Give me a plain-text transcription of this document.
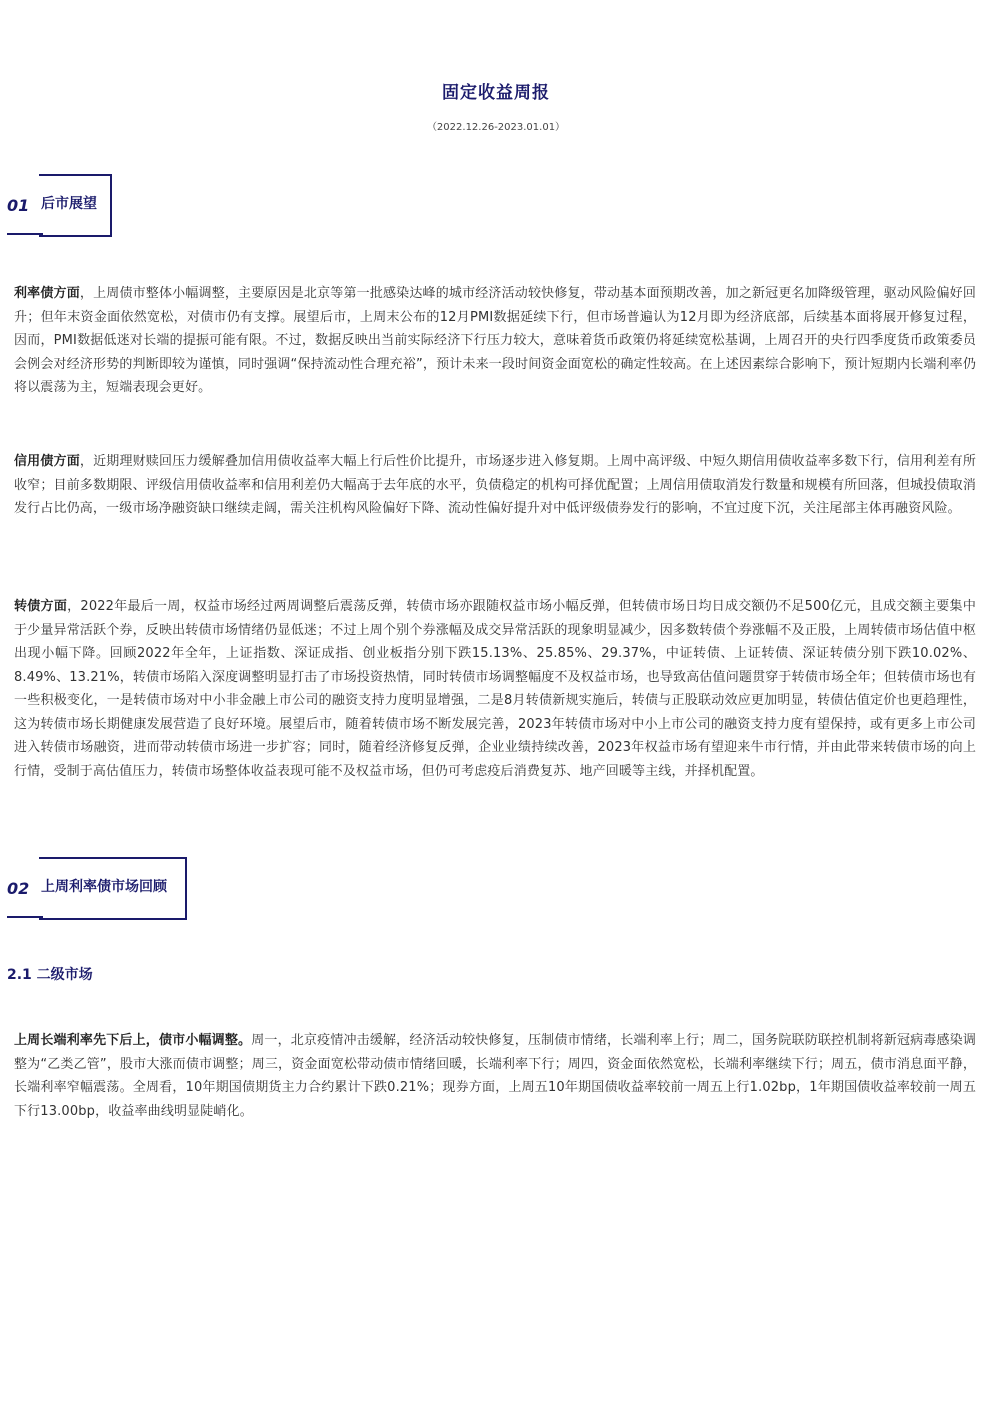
固定收益周报
（2022.12.26-2023.01.01）
01 后市展望

利率债方面，上周债市整体小幅调整，主要原因是北京等第一批感染达峰的城市经济活动较快修复，带动基本面预期改善，加之新冠更名加降级管理，驱动风险偏好回升；但年末资金面依然宽松，对债市仍有支撑。展望后市，上周末公布的12月PMI数据延续下行，但市场普遍认为12月即为经济底部，后续基本面将展开修复过程，因而，PMI数据低迷对长端的提振可能有限。不过，数据反映出当前实际经济下行压力较大，意味着货币政策仍将延续宽松基调，上周召开的央行四季度货币政策委员会例会对经济形势的判断即较为谨慎，同时强调“保持流动性合理充裕”，预计未来一段时间资金面宽松的确定性较高。在上述因素综合影响下，预计短期内长端利率仍将以震荡为主，短端表现会更好。

信用债方面，近期理财赎回压力缓解叠加信用债收益率大幅上行后性价比提升，市场逐步进入修复期。上周中高评级、中短久期信用债收益率多数下行，信用利差有所收窄；目前多数期限、评级信用债收益率和信用利差仍大幅高于去年底的水平，负债稳定的机构可择优配置；上周信用债取消发行数量和规模有所回落，但城投债取消发行占比仍高，一级市场净融资缺口继续走阔，需关注机构风险偏好下降、流动性偏好提升对中低评级债券发行的影响，不宜过度下沉，关注尾部主体再融资风险。

转债方面，2022年最后一周，权益市场经过两周调整后震荡反弹，转债市场亦跟随权益市场小幅反弹，但转债市场日均日成交额仍不足500亿元，且成交额主要集中于少量异常活跃个券，反映出转债市场情绪仍显低迷；不过上周个别个券涨幅及成交异常活跃的现象明显减少，因多数转债个券涨幅不及正股，上周转债市场估值中枢出现小幅下降。回顾2022年全年，上证指数、深证成指、创业板指分别下跌15.13%、25.85%、29.37%，中证转债、上证转债、深证转债分别下跌10.02%、8.49%、13.21%，转债市场陷入深度调整明显打击了市场投资热情，同时转债市场调整幅度不及权益市场，也导致高估值问题贯穿于转债市场全年；但转债市场也有一些积极变化，一是转债市场对中小非金融上市公司的融资支持力度明显增强，二是8月转债新规实施后，转债与正股联动效应更加明显，转债估值定价也更趋理性，这为转债市场长期健康发展营造了良好环境。展望后市，随着转债市场不断发展完善，2023年转债市场对中小上市公司的融资支持力度有望保持，或有更多上市公司进入转债市场融资，进而带动转债市场进一步扩容；同时，随着经济修复反弹，企业业绩持续改善，2023年权益市场有望迎来牛市行情，并由此带来转债市场的向上行情，受制于高估值压力，转债市场整体收益表现可能不及权益市场，但仍可考虑疫后消费复苏、地产回暖等主线，并择机配置。

02 上周利率债市场回顾
2.1 二级市场

上周长端利率先下后上，债市小幅调整。周一，北京疫情冲击缓解，经济活动较快修复，压制债市情绪，长端利率上行；周二，国务院联防联控机制将新冠病毒感染调整为“乙类乙管”，股市大涨而债市调整；周三，资金面宽松带动债市情绪回暖，长端利率下行；周四，资金面依然宽松，长端利率继续下行；周五，债市消息面平静，长端利率窄幅震荡。全周看，10年期国债期货主力合约累计下跌0.21%；现券方面，上周五10年期国债收益率较前一周五上行1.02bp，1年期国债收益率较前一周五下行13.00bp，收益率曲线明显陡峭化。
